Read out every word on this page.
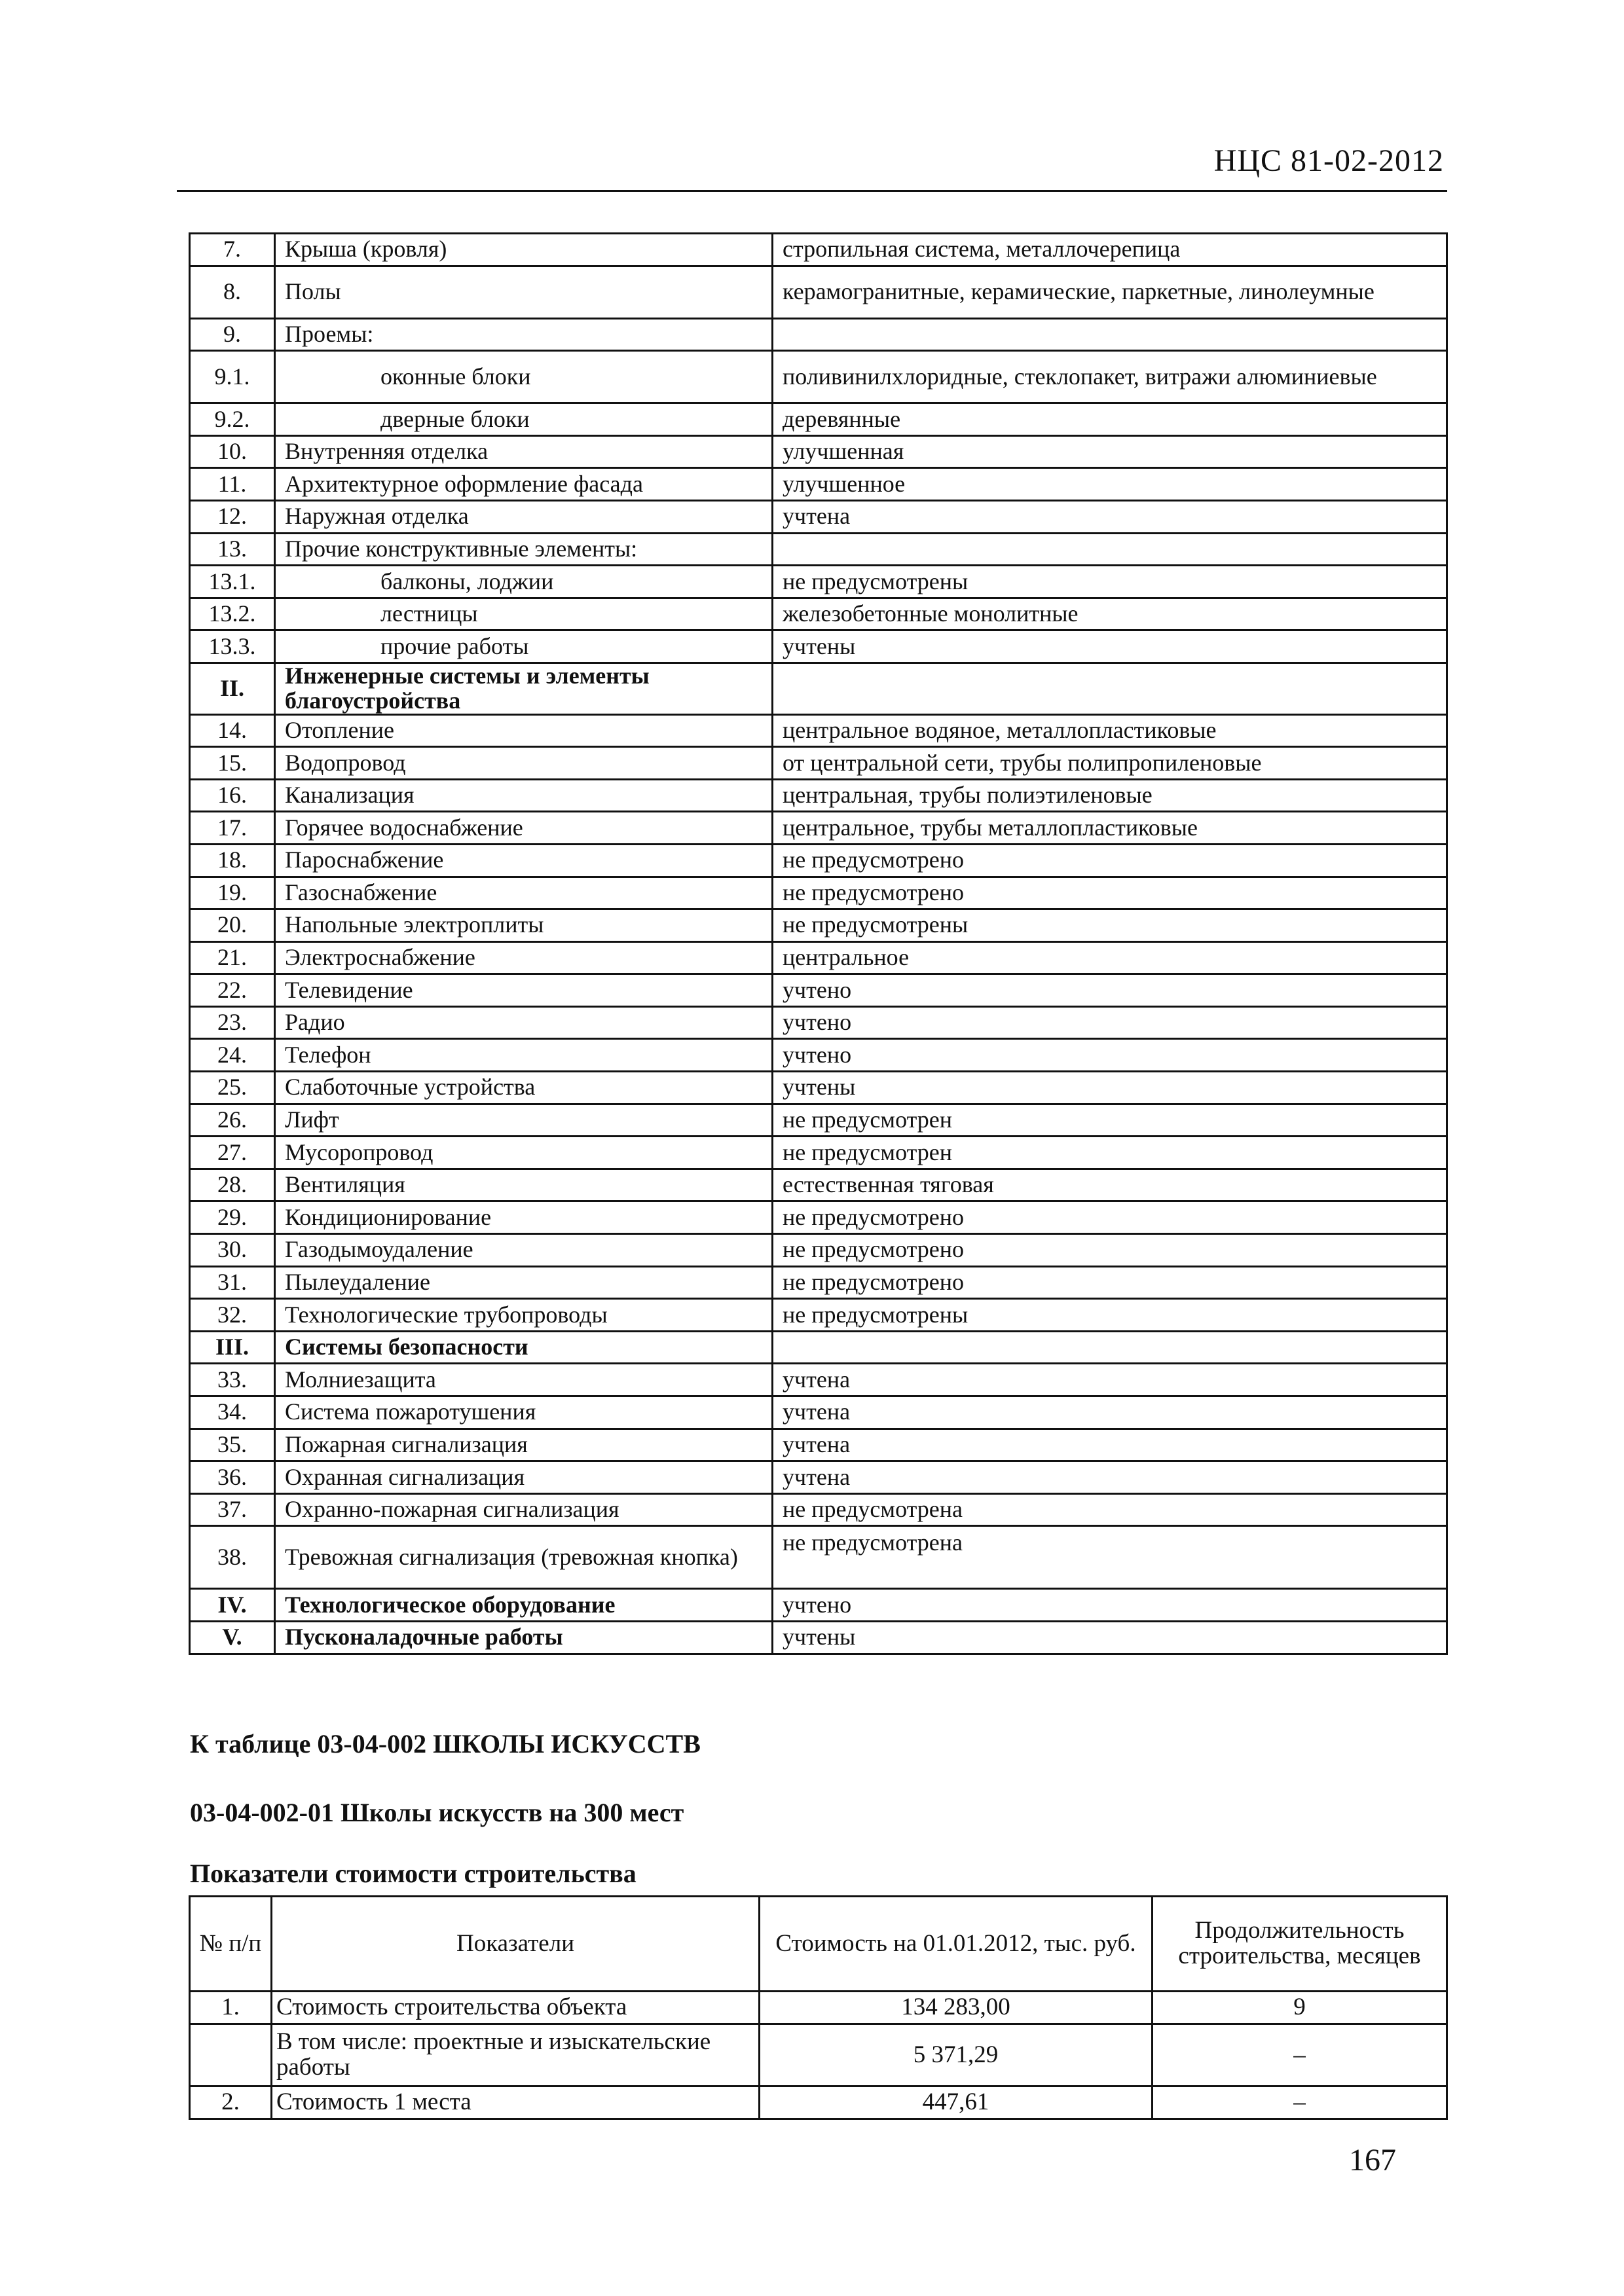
НЦС 81-02-2012
7.	Крыша (кровля)	стропильная система, металлочерепица
8.	Полы	керамогранитные, керамические, паркетные, линолеумные
9.	Проемы:	
9.1.	оконные блоки	поливинилхлоридные, стеклопакет, витражи алюминиевые
9.2.	дверные блоки	деревянные
10.	Внутренняя отделка	улучшенная
11.	Архитектурное оформление фасада	улучшенное
12.	Наружная отделка	учтена
13.	Прочие конструктивные элементы:	
13.1.	балконы, лоджии	не предусмотрены
13.2.	лестницы	железобетонные монолитные
13.3.	прочие работы	учтены
II.	Инженерные системы и элементы благоустройства	
14.	Отопление	центральное водяное, металлопластиковые
15.	Водопровод	от центральной сети, трубы полипропиленовые
16.	Канализация	центральная, трубы полиэтиленовые
17.	Горячее водоснабжение	центральное, трубы металлопластиковые
18.	Пароснабжение	не предусмотрено
19.	Газоснабжение	не предусмотрено
20.	Напольные электроплиты	не предусмотрены
21.	Электроснабжение	центральное
22.	Телевидение	учтено
23.	Радио	учтено
24.	Телефон	учтено
25.	Слаботочные устройства	учтены
26.	Лифт	не предусмотрен
27.	Мусоропровод	не предусмотрен
28.	Вентиляция	естественная тяговая
29.	Кондиционирование	не предусмотрено
30.	Газодымоудаление	не предусмотрено
31.	Пылеудаление	не предусмотрено
32.	Технологические трубопроводы	не предусмотрены
III.	Системы безопасности	
33.	Молниезащита	учтена
34.	Система пожаротушения	учтена
35.	Пожарная сигнализация	учтена
36.	Охранная сигнализация	учтена
37.	Охранно-пожарная сигнализация	не предусмотрена
38.	Тревожная сигнализация (тревожная кнопка)	не предусмотрена
IV.	Технологическое оборудование	учтено
V.	Пусконаладочные работы	учтены
К таблице 03-04-002 ШКОЛЫ ИСКУССТВ
03-04-002-01 Школы искусств на 300 мест
Показатели стоимости строительства
№ п/п	Показатели	Стоимость на 01.01.2012, тыс. руб.	Продолжительность строительства, месяцев
1.	Стоимость строительства объекта	134 283,00	9
	В том числе: проектные и изыскательские работы	5 371,29	–
2.	Стоимость 1 места	447,61	–
167
